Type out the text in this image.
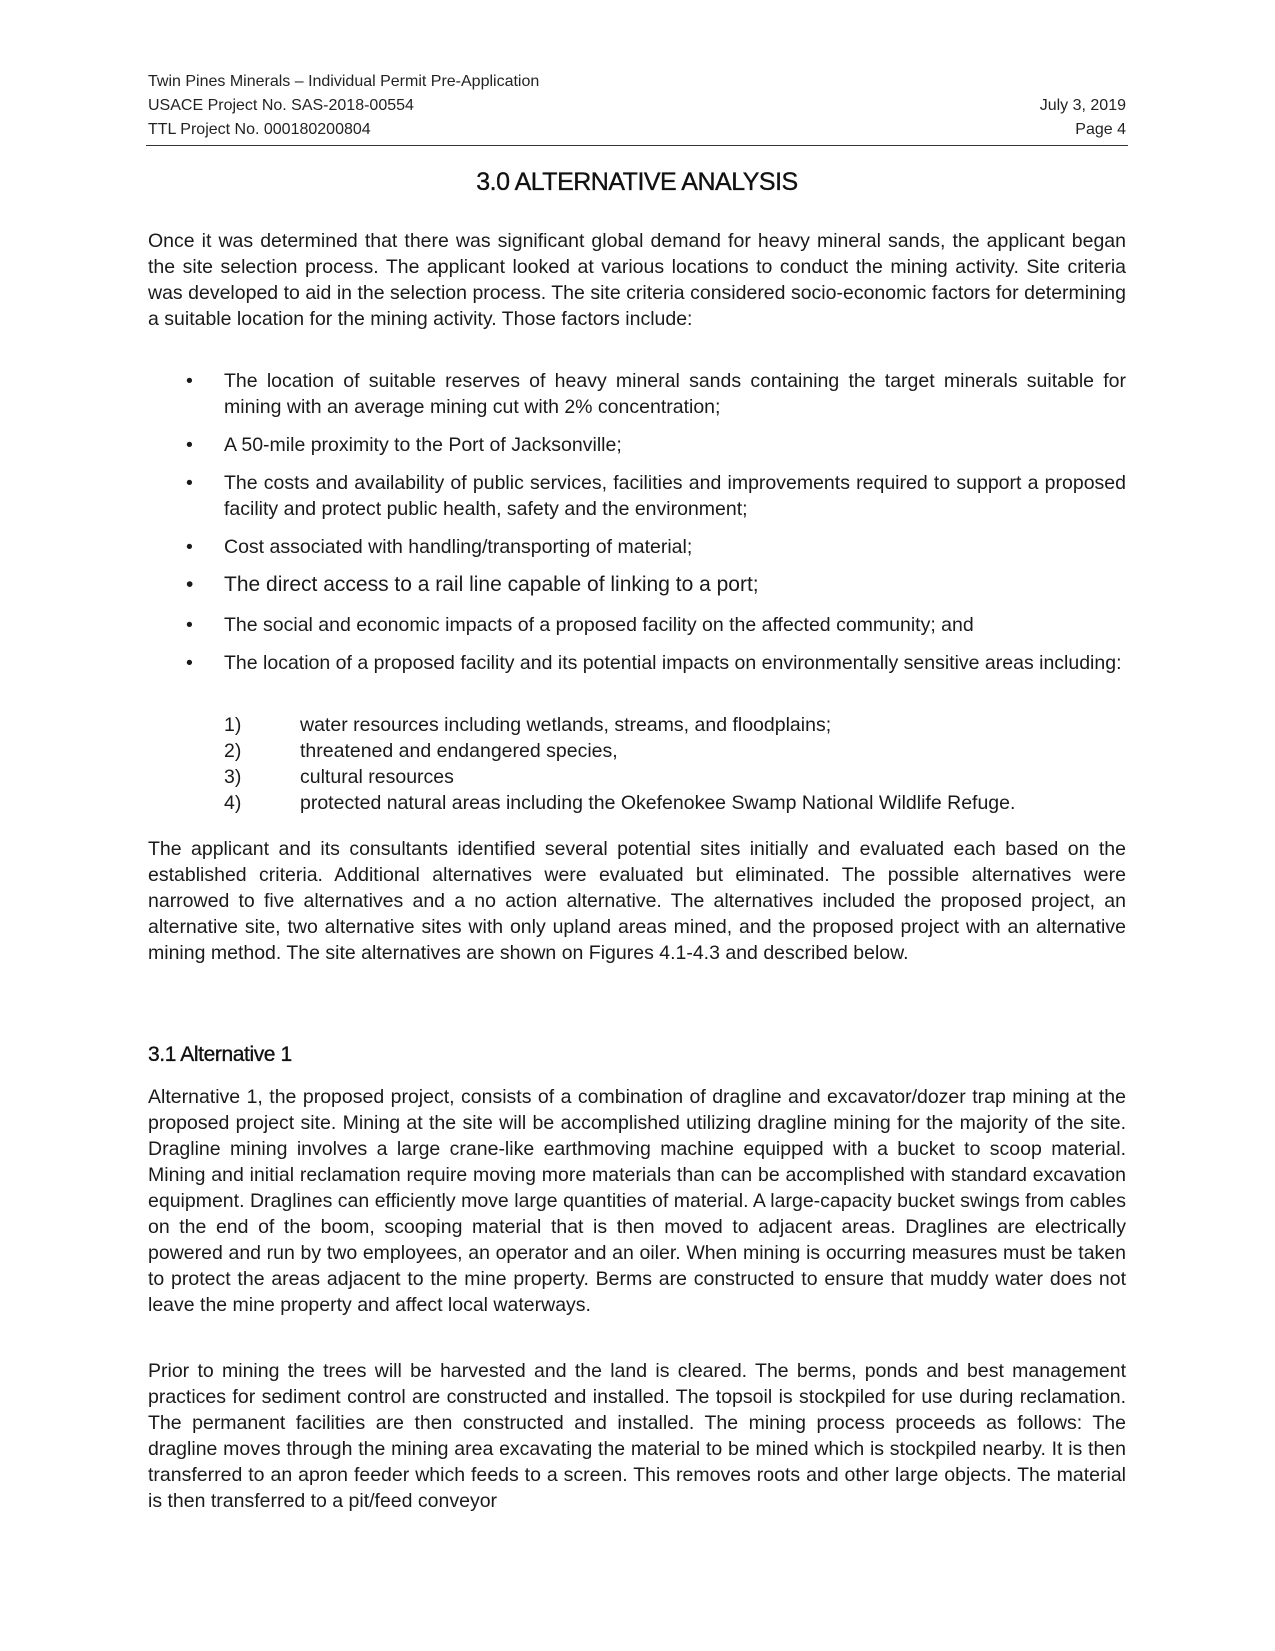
Twin Pines Minerals – Individual Permit Pre-Application
USACE Project No. SAS-2018-00554	July 3, 2019
TTL Project No. 000180200804	Page 4
3.0 ALTERNATIVE ANALYSIS

Once it was determined that there was significant global demand for heavy mineral sands, the applicant began the site selection process. The applicant looked at various locations to conduct the mining activity. Site criteria was developed to aid in the selection process. The site criteria considered socio-economic factors for determining a suitable location for the mining activity. Those factors include:

• The location of suitable reserves of heavy mineral sands containing the target minerals suitable for mining with an average mining cut with 2% concentration;
• A 50-mile proximity to the Port of Jacksonville;
• The costs and availability of public services, facilities and improvements required to support a proposed facility and protect public health, safety and the environment;
• Cost associated with handling/transporting of material;
• The direct access to a rail line capable of linking to a port;
• The social and economic impacts of a proposed facility on the affected community; and
• The location of a proposed facility and its potential impacts on environmentally sensitive areas including:
1)	water resources including wetlands, streams, and floodplains;
2)	threatened and endangered species,
3)	cultural resources
4)	protected natural areas including the Okefenokee Swamp National Wildlife Refuge.

The applicant and its consultants identified several potential sites initially and evaluated each based on the established criteria. Additional alternatives were evaluated but eliminated. The possible alternatives were narrowed to five alternatives and a no action alternative. The alternatives included the proposed project, an alternative site, two alternative sites with only upland areas mined, and the proposed project with an alternative mining method. The site alternatives are shown on Figures 4.1-4.3 and described below.

3.1 Alternative 1

Alternative 1, the proposed project, consists of a combination of dragline and excavator/dozer trap mining at the proposed project site. Mining at the site will be accomplished utilizing dragline mining for the majority of the site. Dragline mining involves a large crane-like earthmoving machine equipped with a bucket to scoop material. Mining and initial reclamation require moving more materials than can be accomplished with standard excavation equipment. Draglines can efficiently move large quantities of material. A large-capacity bucket swings from cables on the end of the boom, scooping material that is then moved to adjacent areas. Draglines are electrically powered and run by two employees, an operator and an oiler. When mining is occurring measures must be taken to protect the areas adjacent to the mine property. Berms are constructed to ensure that muddy water does not leave the mine property and affect local waterways.

Prior to mining the trees will be harvested and the land is cleared. The berms, ponds and best management practices for sediment control are constructed and installed. The topsoil is stockpiled for use during reclamation. The permanent facilities are then constructed and installed. The mining process proceeds as follows: The dragline moves through the mining area excavating the material to be mined which is stockpiled nearby. It is then transferred to an apron feeder which feeds to a screen. This removes roots and other large objects. The material is then transferred to a pit/feed conveyor
